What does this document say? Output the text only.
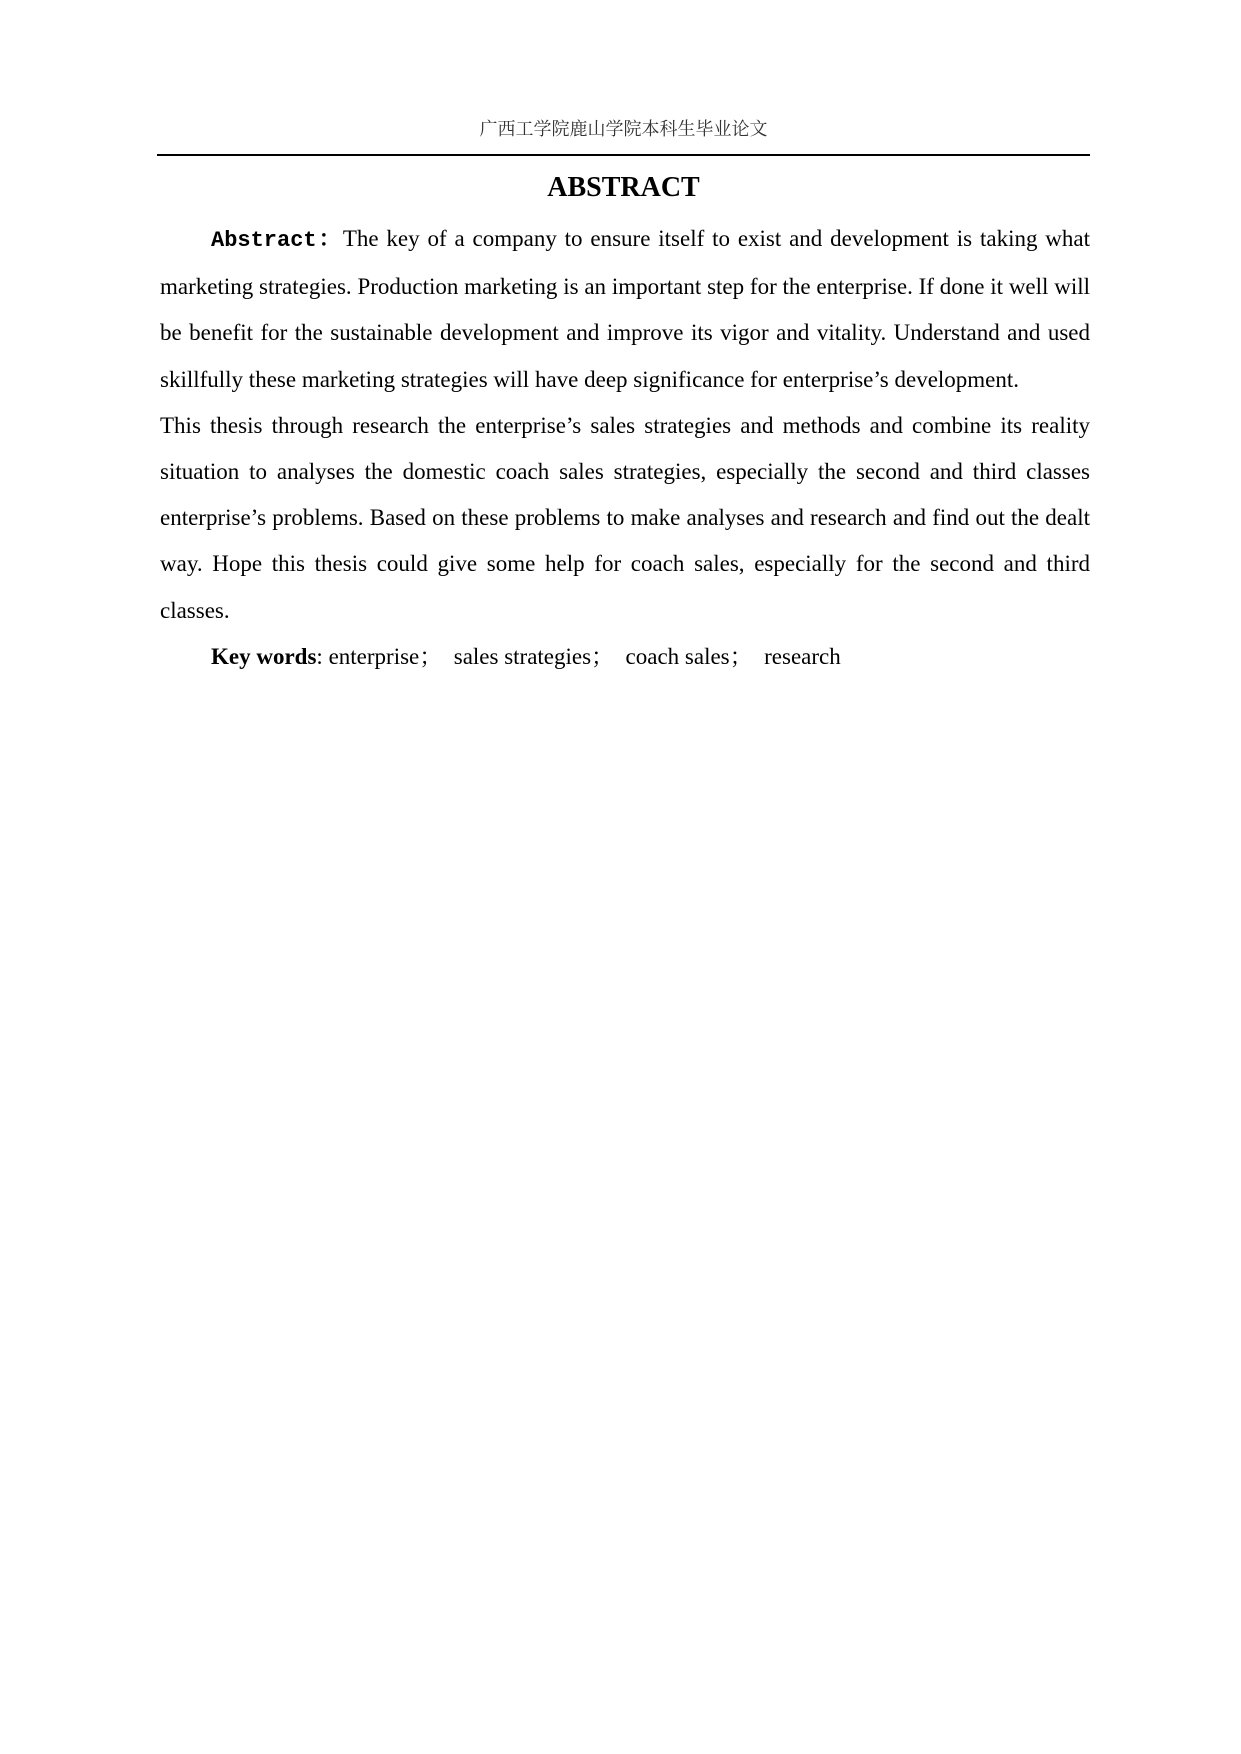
广西工学院鹿山学院本科生毕业论文
ABSTRACT

Abstract：The key of a company to ensure itself to exist and development is taking what marketing strategies. Production marketing is an important step for the enterprise. If done it well will be benefit for the sustainable development and improve its vigor and vitality. Understand and used skillfully these marketing strategies will have deep significance for enterprise’s development.

This thesis through research the enterprise’s sales strategies and methods and combine its reality situation to analyses the domestic coach sales strategies, especially the second and third classes enterprise’s problems. Based on these problems to make analyses and research and find out the dealt way. Hope this thesis could give some help for coach sales, especially for the second and third classes.

Key words: enterprise；  sales strategies；  coach sales；  research
